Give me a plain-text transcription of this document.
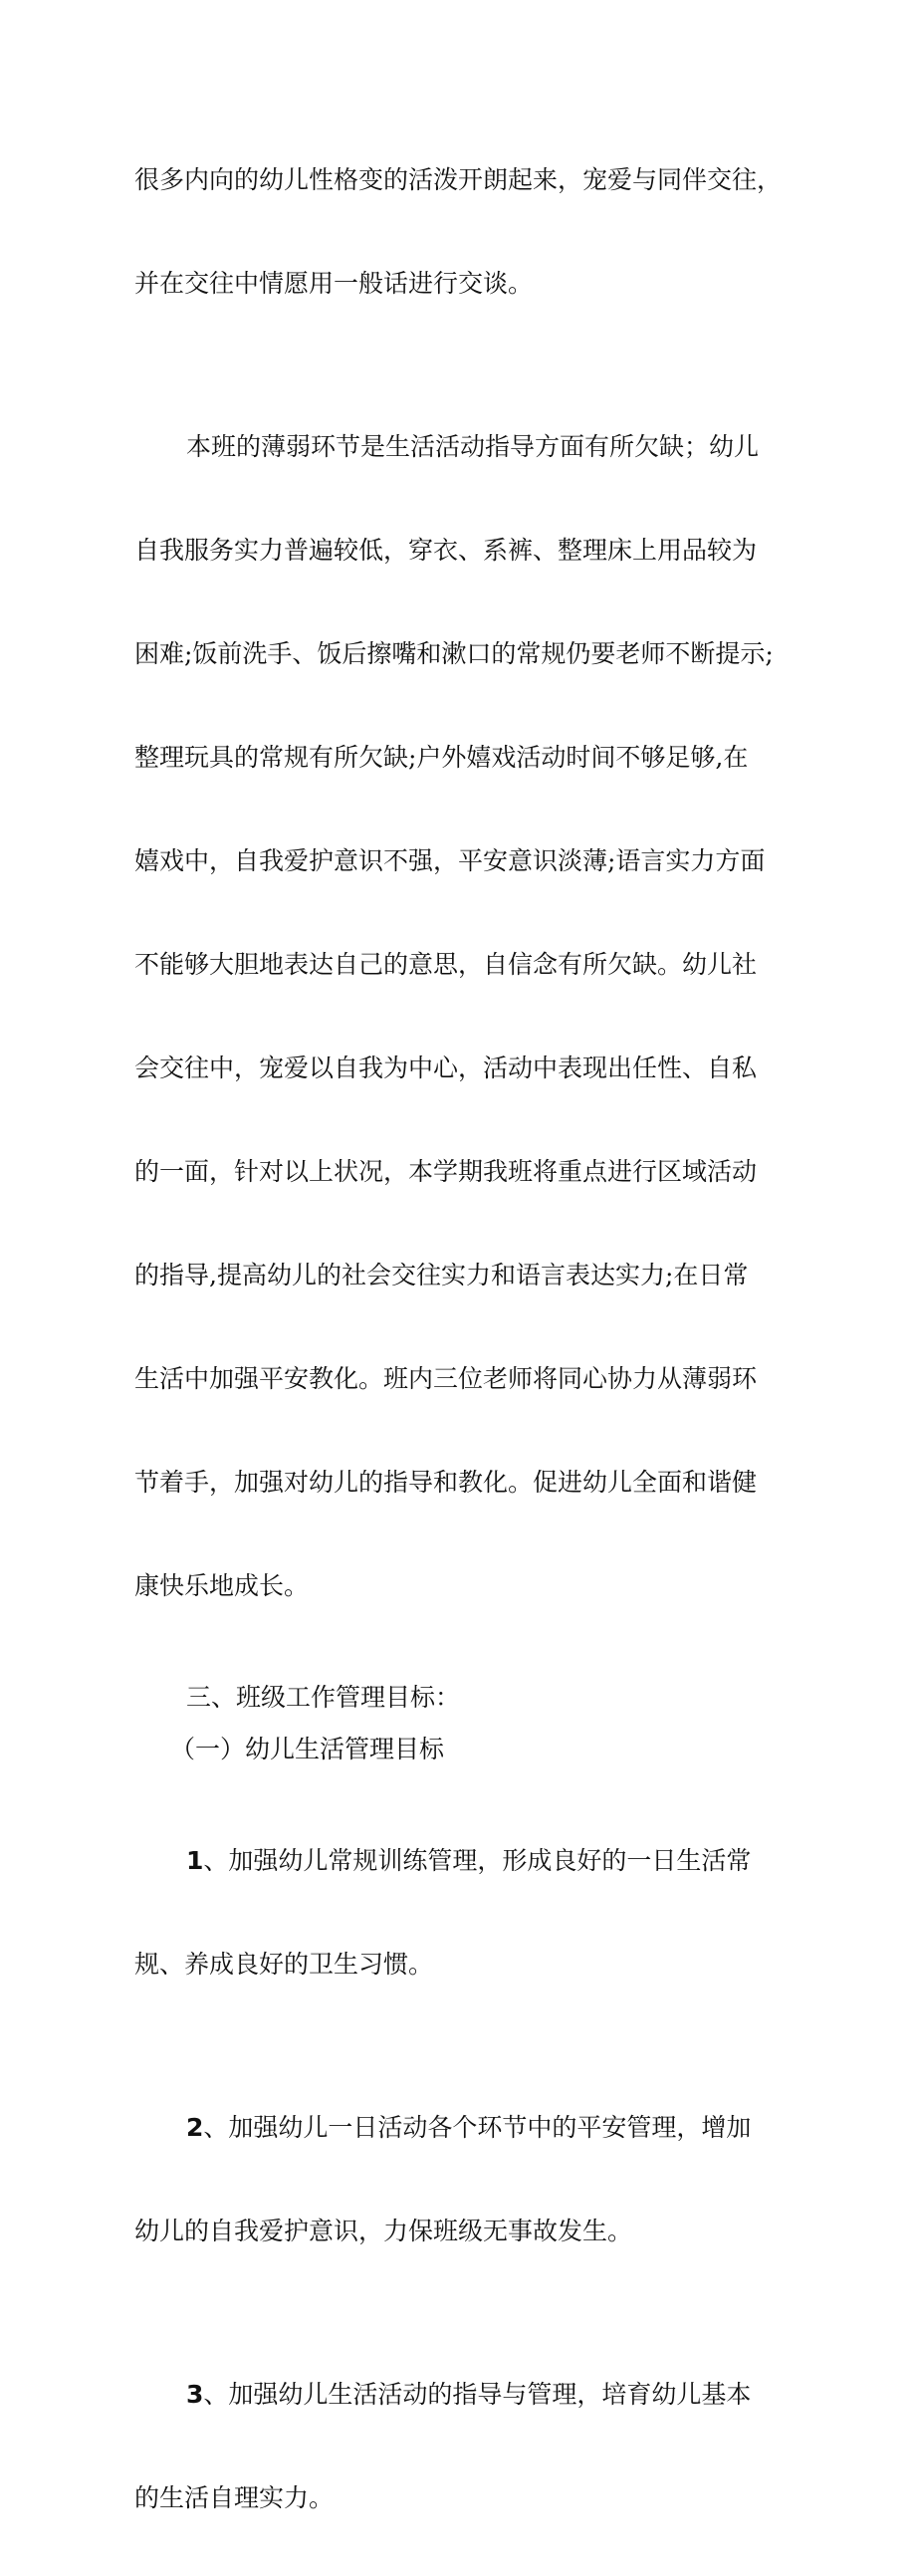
很多内向的幼儿性格变的活泼开朗起来，宠爱与同伴交往，

并在交往中情愿用一般话进行交谈。

本班的薄弱环节是生活活动指导方面有所欠缺；幼儿

自我服务实力普遍较低，穿衣、系裤、整理床上用品较为

困难;饭前洗手、饭后擦嘴和漱口的常规仍要老师不断提示;

整理玩具的常规有所欠缺;户外嬉戏活动时间不够足够,在

嬉戏中，自我爱护意识不强，平安意识淡薄;语言实力方面

不能够大胆地表达自己的意思，自信念有所欠缺。幼儿社

会交往中，宠爱以自我为中心，活动中表现出任性、自私

的一面，针对以上状况，本学期我班将重点进行区域活动

的指导,提高幼儿的社会交往实力和语言表达实力;在日常

生活中加强平安教化。班内三位老师将同心协力从薄弱环

节着手，加强对幼儿的指导和教化。促进幼儿全面和谐健

康快乐地成长。

三、班级工作管理目标：
（一）幼儿生活管理目标

1、加强幼儿常规训练管理，形成良好的一日生活常

规、养成良好的卫生习惯。

2、加强幼儿一日活动各个环节中的平安管理，增加

幼儿的自我爱护意识，力保班级无事故发生。

3、加强幼儿生活活动的指导与管理，培育幼儿基本

的生活自理实力。
